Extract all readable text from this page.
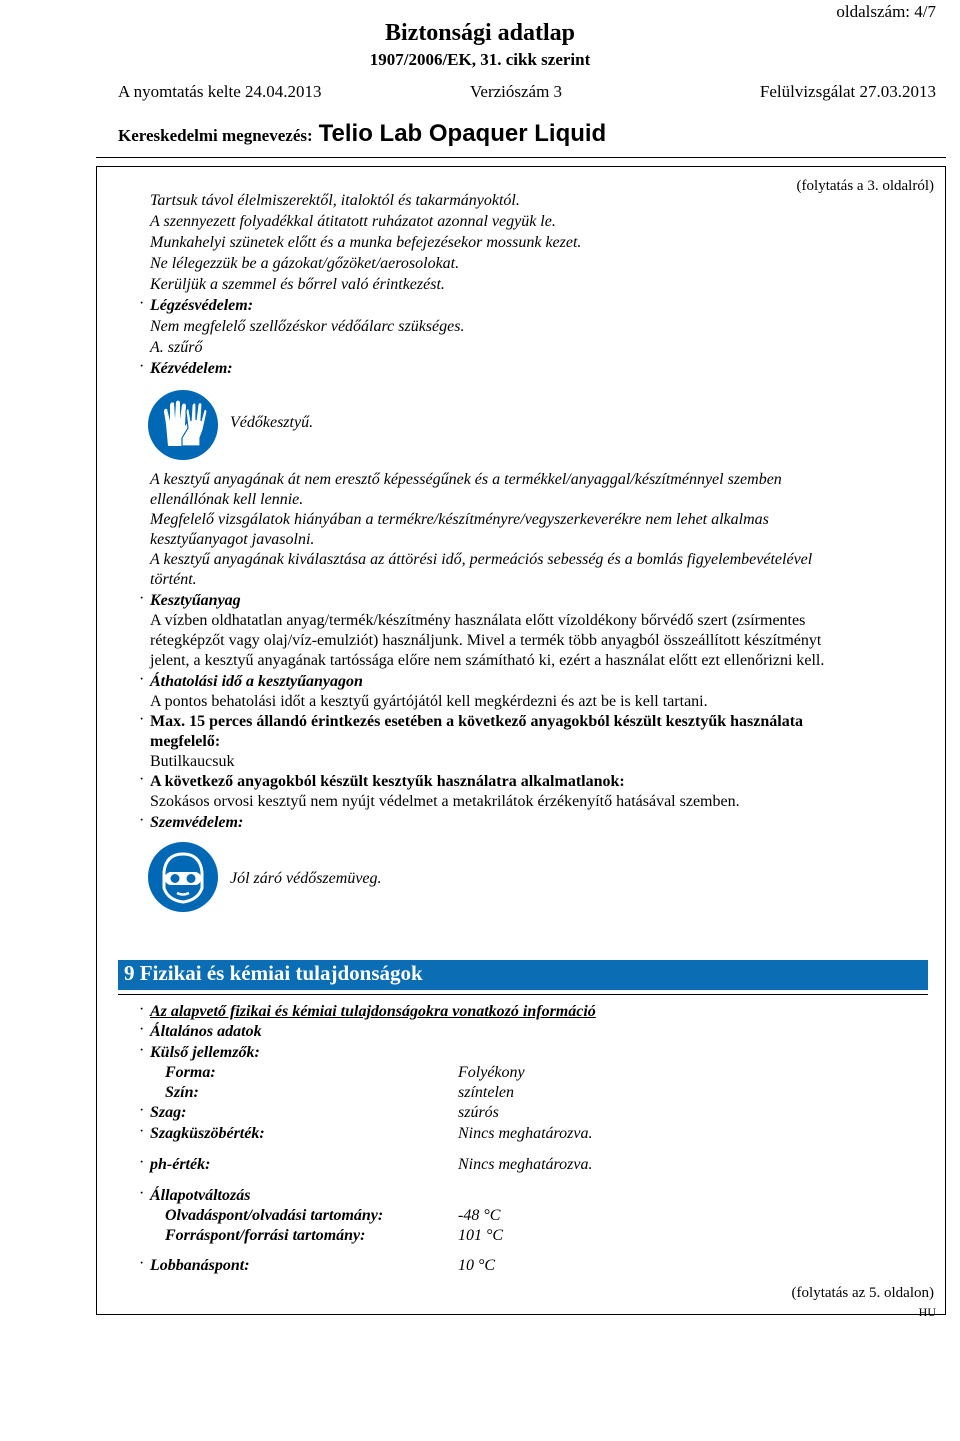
oldalszám: 4/7
Biztonsági adatlap
1907/2006/EK, 31. cikk szerint
A nyomtatás kelte 24.04.2013	Verziószám 3	Felülvizsgálat 27.03.2013
Kereskedelmi megnevezés: Telio Lab Opaquer Liquid
(folytatás a 3. oldalról)
Tartsuk távol élelmiszerektől, italoktól és takarmányoktól.
A szennyezett folyadékkal átitatott ruházatot azonnal vegyük le.
Munkahelyi szünetek előtt és a munka befejezésekor mossunk kezet.
Ne lélegezzük be a gázokat/gőzöket/aerosolokat.
Kerüljük a szemmel és bőrrel való érintkezést.
· Légzésvédelem:
Nem megfelelő szellőzéskor védőálarc szükséges.
A. szűrő
· Kézvédelem:
Védőkesztyű.
A kesztyű anyagának át nem eresztő képességűnek és a termékkel/anyaggal/készítménnyel szemben
ellenállónak kell lennie.
Megfelelő vizsgálatok hiányában a termékre/készítményre/vegyszerkeverékre nem lehet alkalmas
kesztyűanyagot javasolni.
A kesztyű anyagának kiválasztása az áttörési idő, permeációs sebesség és a bomlás figyelembevételével
történt.
· Kesztyűanyag
A vízben oldhatatlan anyag/termék/készítmény használata előtt vízoldékony bőrvédő szert (zsírmentes
rétegképzőt vagy olaj/víz-emulziót) használjunk. Mivel a termék több anyagból összeállított készítményt
jelent, a kesztyű anyagának tartóssága előre nem számítható ki, ezért a használat előtt ezt ellenőrizni kell.
· Áthatolási idő a kesztyűanyagon
A pontos behatolási időt a kesztyű gyártójától kell megkérdezni és azt be is kell tartani.
· Max. 15 perces állandó érintkezés esetében a következő anyagokból készült kesztyűk használata
megfelelő:
Butilkaucsuk
· A következő anyagokból készült kesztyűk használatra alkalmatlanok:
Szokásos orvosi kesztyű nem nyújt védelmet a metakrilátok érzékenyítő hatásával szemben.
· Szemvédelem:
Jól záró védőszemüveg.
9 Fizikai és kémiai tulajdonságok
· Az alapvető fizikai és kémiai tulajdonságokra vonatkozó információ
· Általános adatok
· Külső jellemzők:
Forma:	Folyékony
Szín:	színtelen
· Szag:	szúrós
· Szagküszöbérték:	Nincs meghatározva.
· ph-érték:	Nincs meghatározva.
· Állapotváltozás
Olvadáspont/olvadási tartomány:	-48 °C
Forráspont/forrási tartomány:	101 °C
· Lobbanáspont:	10 °C
(folytatás az 5. oldalon)
HU
